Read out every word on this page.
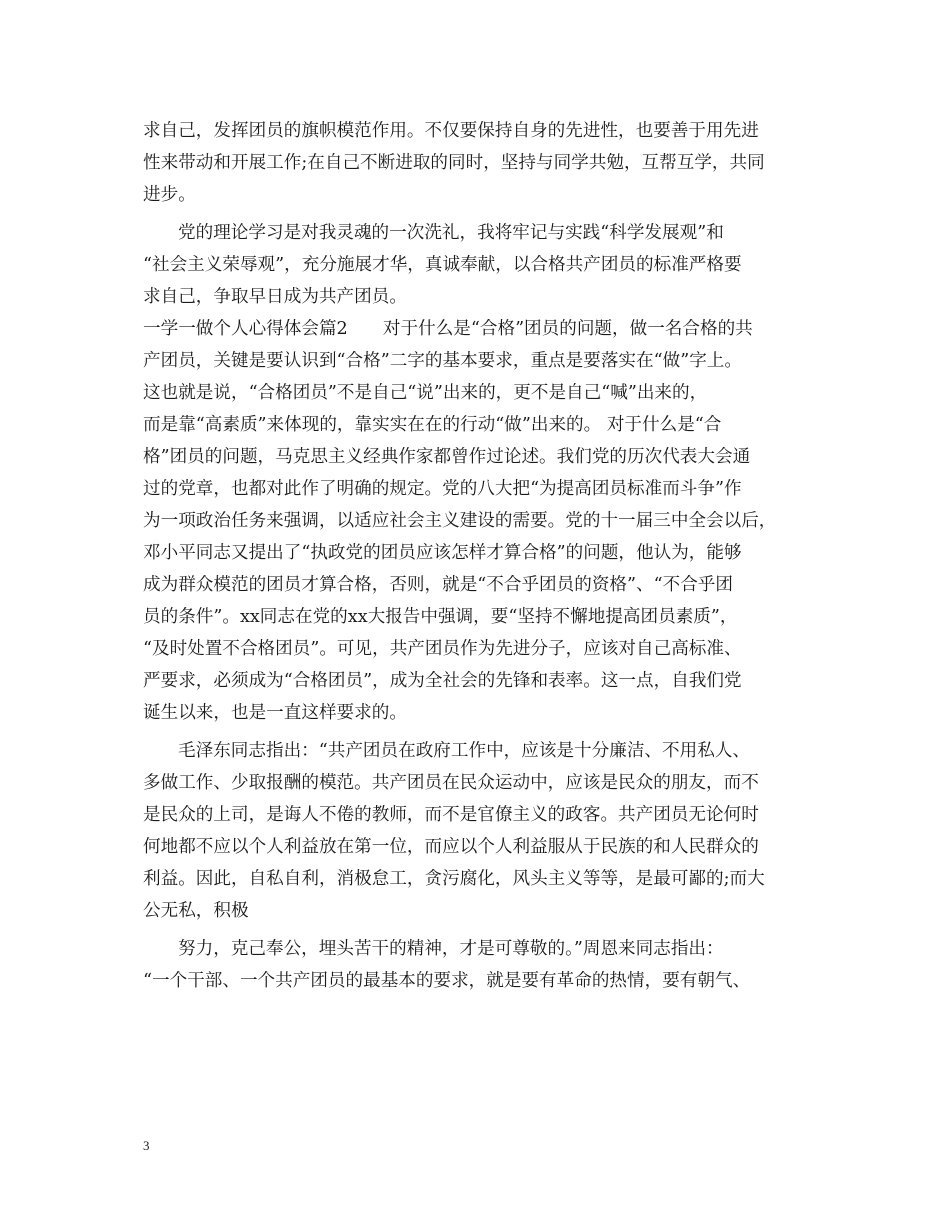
求自己，发挥团员的旗帜模范作用。不仅要保持自身的先进性，也要善于用先进
性来带动和开展工作;在自己不断进取的同时，坚持与同学共勉，互帮互学，共同
进步。
党的理论学习是对我灵魂的一次洗礼，我将牢记与实践“科学发展观”和
“社会主义荣辱观”，充分施展才华，真诚奉献，以合格共产团员的标准严格要
求自己，争取早日成为共产团员。
一学一做个人心得体会篇2　　对于什么是“合格”团员的问题，做一名合格的共
产团员，关键是要认识到“合格”二字的基本要求，重点是要落实在“做”字上。
这也就是说，“合格团员”不是自己“说”出来的，更不是自己“喊”出来的，
而是靠“高素质”来体现的，靠实实在在的行动“做”出来的。 对于什么是“合
格”团员的问题，马克思主义经典作家都曾作过论述。我们党的历次代表大会通
过的党章，也都对此作了明确的规定。党的八大把“为提高团员标准而斗争”作
为一项政治任务来强调，以适应社会主义建设的需要。党的十一届三中全会以后，
邓小平同志又提出了“执政党的团员应该怎样才算合格”的问题，他认为，能够
成为群众模范的团员才算合格，否则，就是“不合乎团员的资格”、“不合乎团
员的条件”。xx同志在党的xx大报告中强调，要“坚持不懈地提高团员素质”，
“及时处置不合格团员”。可见，共产团员作为先进分子，应该对自己高标准、
严要求，必须成为“合格团员”，成为全社会的先锋和表率。这一点，自我们党
诞生以来，也是一直这样要求的。
毛泽东同志指出：“共产团员在政府工作中，应该是十分廉洁、不用私人、
多做工作、少取报酬的模范。共产团员在民众运动中，应该是民众的朋友，而不
是民众的上司，是诲人不倦的教师，而不是官僚主义的政客。共产团员无论何时
何地都不应以个人利益放在第一位，而应以个人利益服从于民族的和人民群众的
利益。因此，自私自利，消极怠工，贪污腐化，风头主义等等，是最可鄙的;而大
公无私，积极
努力，克己奉公，埋头苦干的精神，才是可尊敬的。”周恩来同志指出：
“一个干部、一个共产团员的最基本的要求，就是要有革命的热情，要有朝气、
3
